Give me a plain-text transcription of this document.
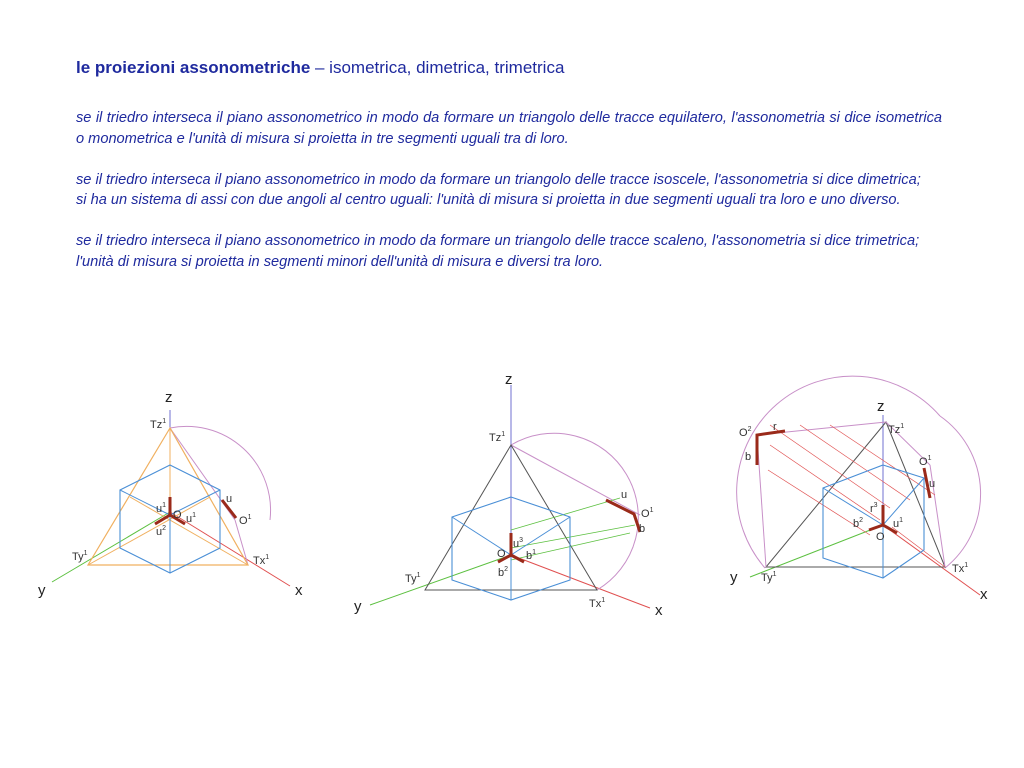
le proiezioni assonometriche – isometrica, dimetrica, trimetrica

se il triedro interseca il piano assonometrico in modo da formare un triangolo delle tracce equilatero, l'assonometria si dice isometrica o monometrica e l'unità di misura si proietta in tre segmenti uguali tra di loro.

se il triedro interseca il piano assonometrico in modo da formare un triangolo delle tracce isoscele, l'assonometria si dice dimetrica;
si ha un sistema di assi con due angoli al centro uguali: l'unità di misura si proietta in due segmenti uguali tra loro e uno diverso.

se il triedro interseca il piano assonometrico in modo da formare un triangolo delle tracce scaleno, l'assonometria si dice trimetrica;
l'unità di misura si proietta in segmenti minori dell'unità di misura e diversi tra loro.

z
y	x
Tz$^1$
Ty$^1$
Tx$^1$
O	$O^1$
u
$u^1$
$u^1$
$u^2$
z
y	x
Tz$^1$
Ty$^1$
Tx$^1$
O
$O^1$
u
b
$u^3$
$b^1$
$b^2$
z
y
x
Tz$^1$
Ty$^1$	Tx$^1$
O
$O^1$
$O^2$ r
b
u
$r^3$
$b^2$	$u^1$
